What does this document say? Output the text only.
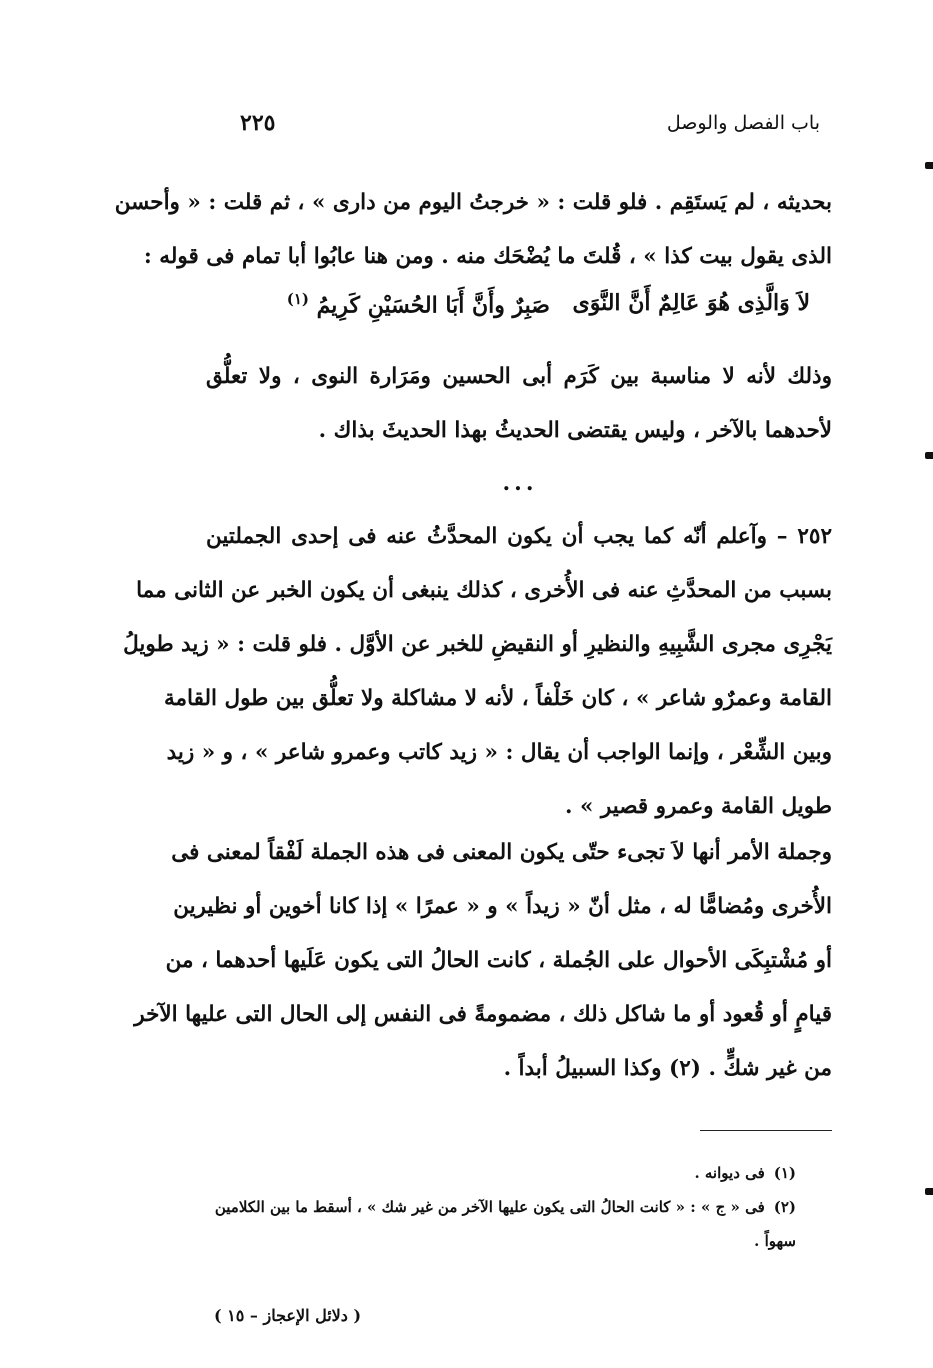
باب الفصل والوصل
٢٢٥
بحديثه ، لم يَستَقِم . فلو قلت : « خرجتُ اليوم من دارى » ، ثم قلت : « وأحسن
الذى يقول بيت كذا » ، قُلتَ ما يُضْحَك منه . ومن هنا عابُوا أبا تمام فى قوله :
لاَ وَالَّذِى هُوَ عَالِمٌ أَنَّ النَّوَى
صَبِرٌ وأَنَّ أَبَا الحُسَيْنِ كَرِيمُ $^{(١)}$
وذلك لأنه لا مناسبة بين كَرَم أبى الحسين ومَرَارة النوى ، ولا تعلُّق
لأحدهما بالآخر ، وليس يقتضى الحديثُ بهذا الحديثَ بذاك .
...
٢٥٢ – وآعلم أنّه كما يجب أن يكون المحدَّثُ عنه فى إحدى الجملتين
بسبب من المحدَّثِ عنه فى الأُخرى ، كذلك ينبغى أن يكون الخبر عن الثانى مما
يَجْرِى مجرى الشَّبِيهِ والنظيرِ أو النقيضِ للخبر عن الأوَّل . فلو قلت : « زيد طويلُ
القامة وعمرٌو شاعر » ، كان خَلْفاً ، لأنه لا مشاكلة ولا تعلُّق بين طول القامة
وبين الشِّعْر ، وإنما الواجب أن يقال : « زيد كاتب وعمرو شاعر » ، و « زيد
طويل القامة وعمرو قصير » .
وجملة الأمر أنها لاَ تجىء حتّى يكون المعنى فى هذه الجملة لَفْقاً لمعنى فى
الأُخرى ومُضامًّا له ، مثل أنّ « زيداً » و « عمرًا » إذا كانا أخوين أو نظيرين
أو مُشْتبِكَى الأحوال على الجُملة ، كانت الحالُ التى يكون عَلَيها أحدهما ، من
قيامٍ أو قُعود أو ما شاكل ذلك ، مضمومةً فى النفس إلى الحال التى عليها الآخر
من غير شكٍّ . (٢) وكذا السبيلُ أبداً .
(١) فى ديوانه .
(٢) فى « ج » : « كانت الحالُ التى يكون عليها الآخر من غير شك » ، أسقط ما بين الكلامين
سهواً .
( دلائل الإعجاز – ١٥ )
